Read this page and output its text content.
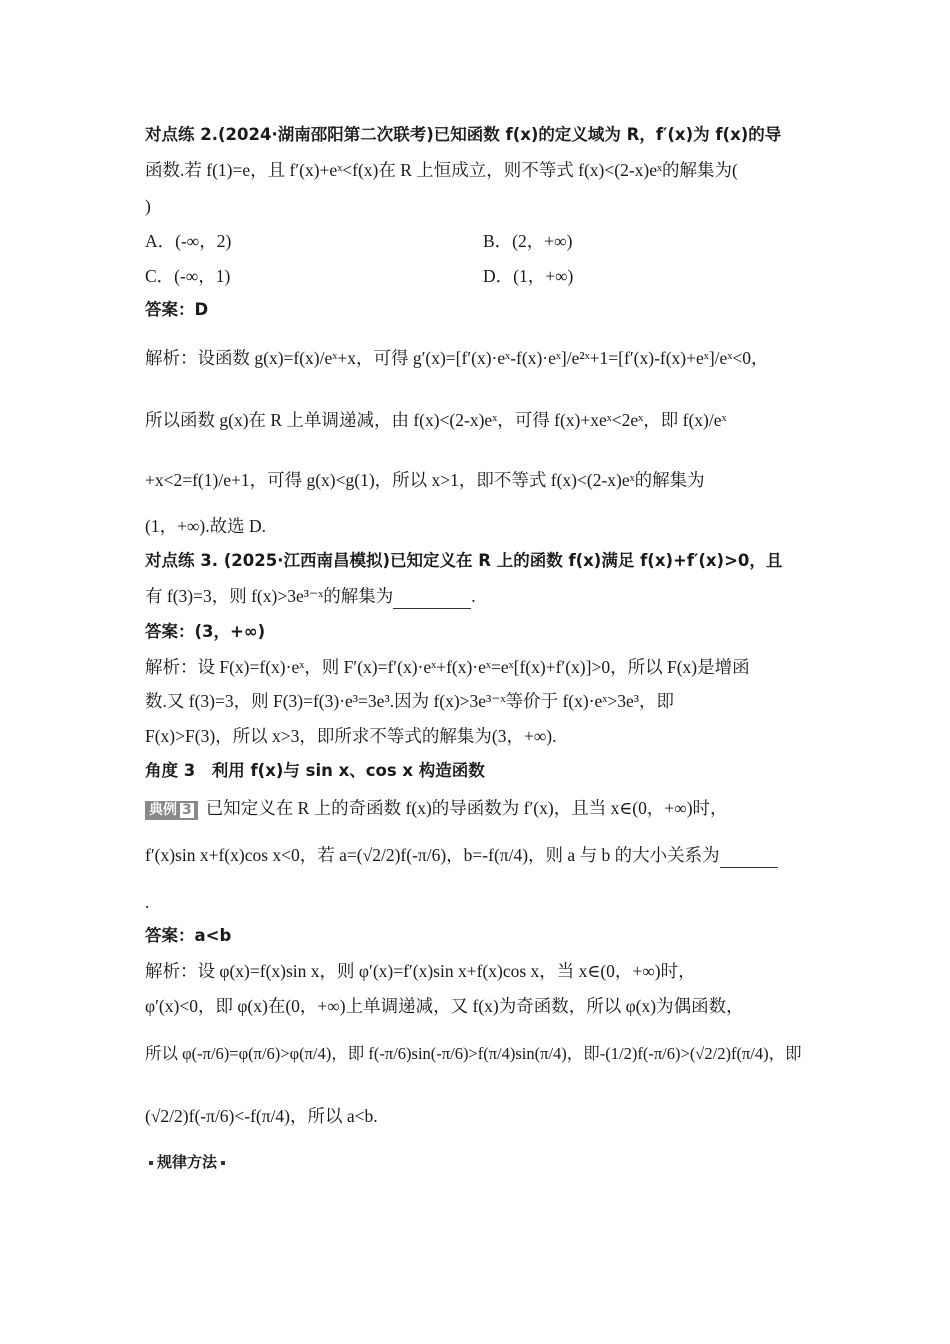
对点练 2.(2024·湖南邵阳第二次联考)已知函数 f(x)的定义域为 R，f′(x)为 f(x)的导
函数.若 f(1)=e，且 f′(x)+eˣ<f(x)在 R 上恒成立，则不等式 f(x)<(2-x)eˣ的解集为(
)
A．(-∞，2)	B．(2，+∞)
C．(-∞，1)	D．(1，+∞)
答案：D
解析：设函数 g(x)=f(x)/eˣ+x，可得 g′(x)=[f′(x)·eˣ-f(x)·eˣ]/e²ˣ+1=[f′(x)-f(x)+eˣ]/eˣ<0，
所以函数 g(x)在 R 上单调递减，由 f(x)<(2-x)eˣ，可得 f(x)+xeˣ<2eˣ，即 f(x)/eˣ
+x<2=f(1)/e+1，可得 g(x)<g(1)，所以 x>1，即不等式 f(x)<(2-x)eˣ的解集为
(1，+∞).故选 D.
对点练 3. (2025·江西南昌模拟)已知定义在 R 上的函数 f(x)满足 f(x)+f′(x)>0，且
有 f(3)=3，则 f(x)>3e³⁻ˣ的解集为	.
答案：(3，+∞)
解析：设 F(x)=f(x)·eˣ，则 F′(x)=f′(x)·eˣ+f(x)·eˣ=eˣ[f(x)+f′(x)]>0，所以 F(x)是增函
数.又 f(3)=3，则 F(3)=f(3)·e³=3e³.因为 f(x)>3e³⁻ˣ等价于 f(x)·eˣ>3e³，即
F(x)>F(3)，所以 x>3，即所求不等式的解集为(3，+∞).
角度 3　利用 f(x)与 sin x、cos x 构造函数
典例 3 已知定义在 R 上的奇函数 f(x)的导函数为 f′(x)，且当 x∈(0，+∞)时，
f′(x)sin x+f(x)cos x<0，若 a=(√2/2)f(-π/6)，b=-f(π/4)，则 a 与 b 的大小关系为
.
答案：a<b
解析：设 φ(x)=f(x)sin x，则 φ′(x)=f′(x)sin x+f(x)cos x，当 x∈(0，+∞)时，
φ′(x)<0，即 φ(x)在(0，+∞)上单调递减，又 f(x)为奇函数，所以 φ(x)为偶函数，
所以 φ(-π/6)=φ(π/6)>φ(π/4)，即 f(-π/6)sin(-π/6)>f(π/4)sin(π/4)，即-(1/2)f(-π/6)>(√2/2)f(π/4)，即
(√2/2)f(-π/6)<-f(π/4)，所以 a<b.
规律方法
